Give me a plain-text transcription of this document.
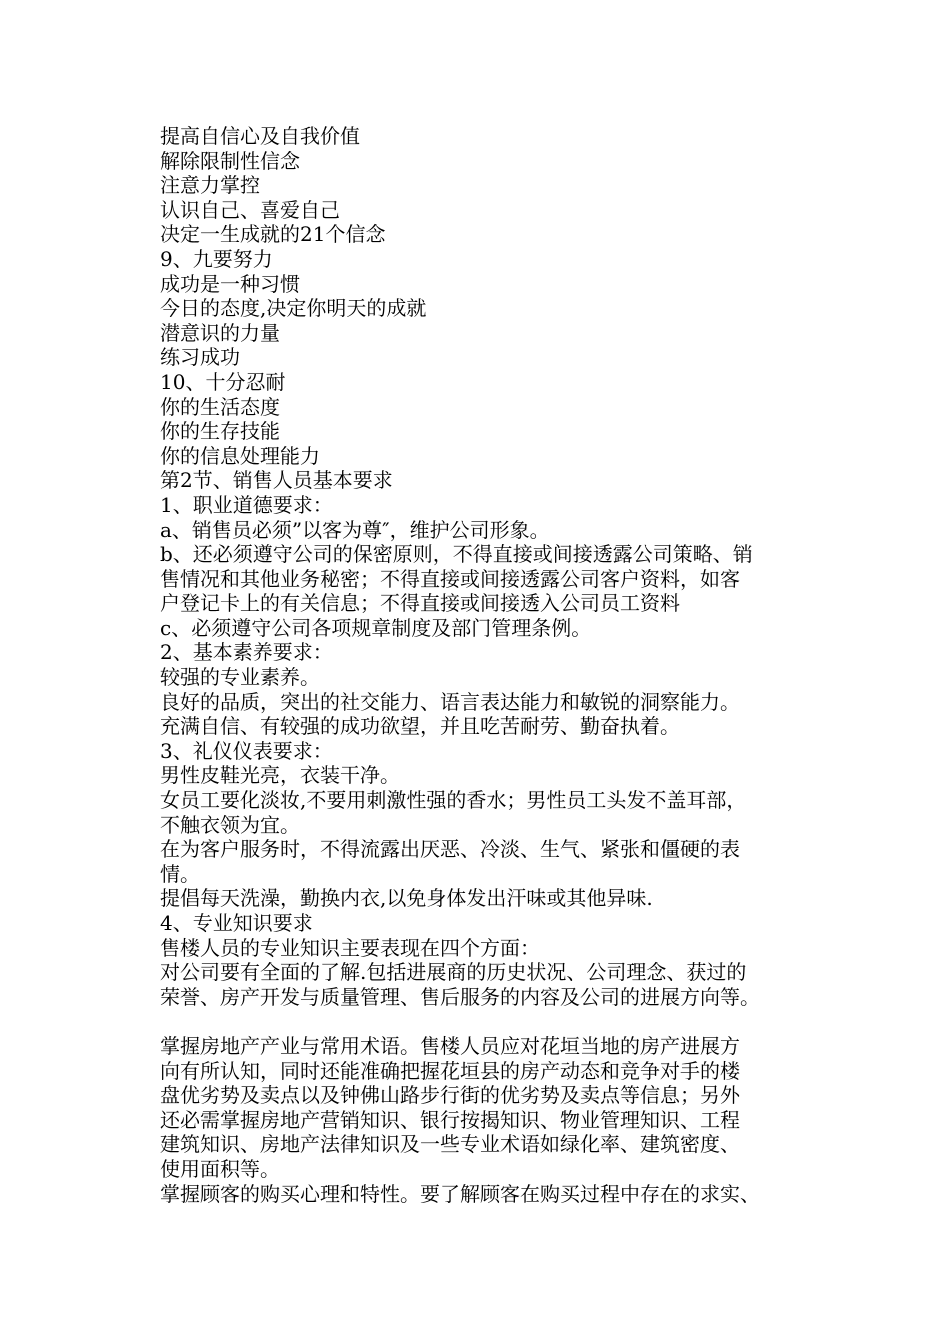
提高自信心及自我价值
解除限制性信念
注意力掌控
认识自己、喜爱自己
决定一生成就的21个信念
9、九要努力
成功是一种习惯
今日的态度,决定你明天的成就
潜意识的力量
练习成功
10、十分忍耐
你的生活态度
你的生存技能
你的信息处理能力
第2节、销售人员基本要求
1、职业道德要求：
a、销售员必须”以客为尊″，维护公司形象。
b、还必须遵守公司的保密原则，不得直接或间接透露公司策略、销
售情况和其他业务秘密；不得直接或间接透露公司客户资料，如客
户登记卡上的有关信息；不得直接或间接透入公司员工资料
c、必须遵守公司各项规章制度及部门管理条例。
2、基本素养要求：
较强的专业素养。
良好的品质，突出的社交能力、语言表达能力和敏锐的洞察能力。
充满自信、有较强的成功欲望，并且吃苦耐劳、勤奋执着。
3、礼仪仪表要求：
男性皮鞋光亮，衣装干净。
女员工要化淡妆,不要用刺激性强的香水；男性员工头发不盖耳部，
不触衣领为宜。
在为客户服务时，不得流露出厌恶、冷淡、生气、紧张和僵硬的表
情。
提倡每天洗澡，勤换内衣,以免身体发出汗味或其他异味.
4、专业知识要求
售楼人员的专业知识主要表现在四个方面：
对公司要有全面的了解.包括进展商的历史状况、公司理念、获过的
荣誉、房产开发与质量管理、售后服务的内容及公司的进展方向等。
掌握房地产产业与常用术语。售楼人员应对花垣当地的房产进展方
向有所认知，同时还能准确把握花垣县的房产动态和竞争对手的楼
盘优劣势及卖点以及钟佛山路步行街的优劣势及卖点等信息；另外
还必需掌握房地产营销知识、银行按揭知识、物业管理知识、工程
建筑知识、房地产法律知识及一些专业术语如绿化率、建筑密度、
使用面积等。
掌握顾客的购买心理和特性。要了解顾客在购买过程中存在的求实、
